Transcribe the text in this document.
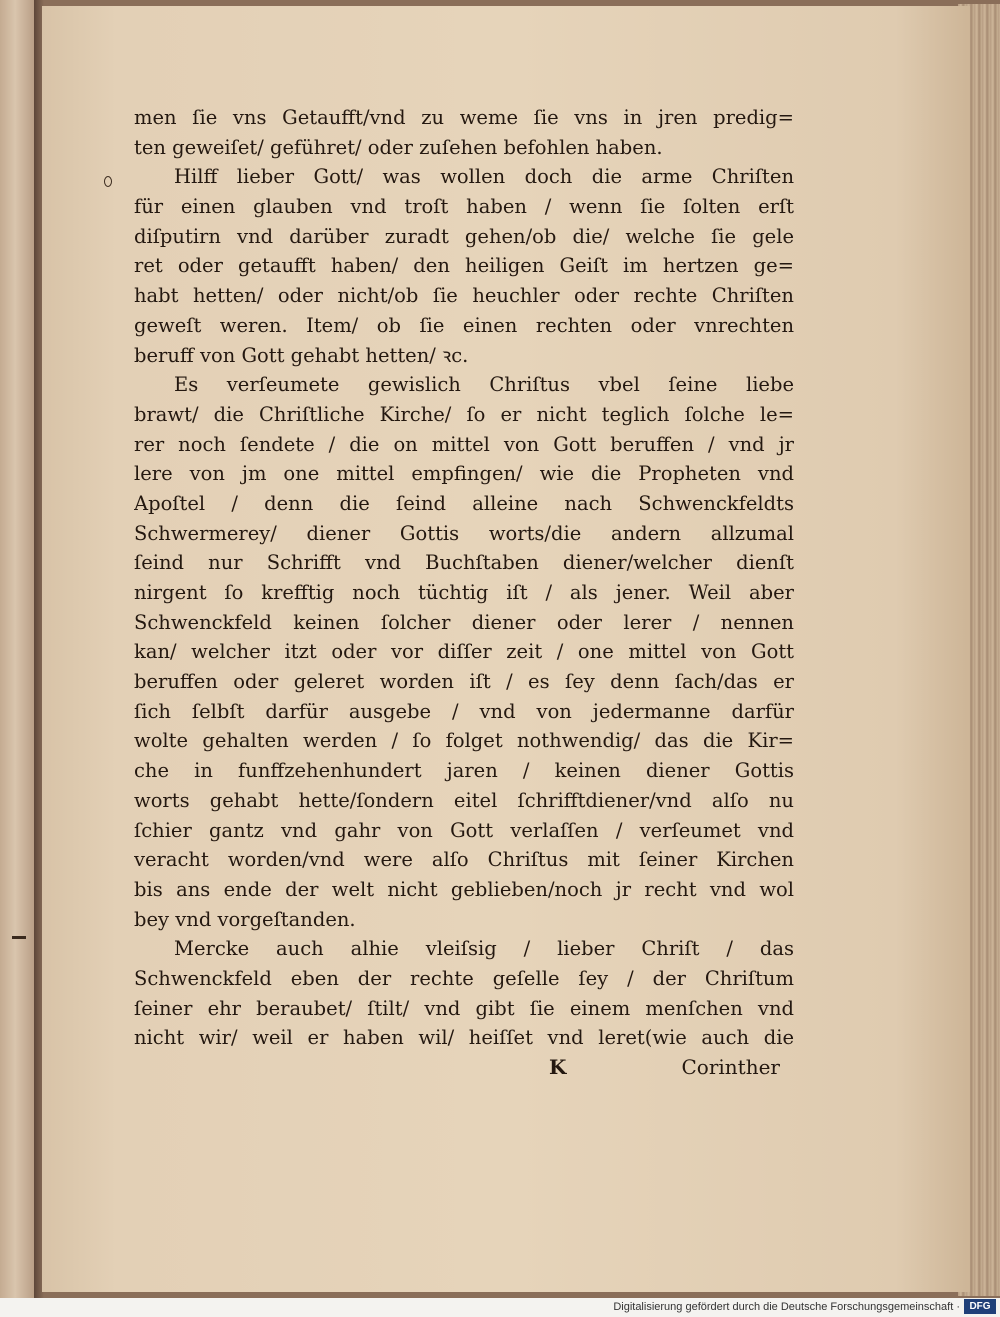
men ſie vns Getaufft/vnd zu weme ſie vns in jren predig=
ten geweiſet/ geführet/ oder zuſehen befohlen haben.
Hilff lieber Gott/ was wollen doch die arme Chriſten
für einen glauben vnd troſt haben / wenn ſie ſolten erſt
diſputirn vnd darüber zuradt gehen/ob die/ welche ſie gele
ret oder getaufft haben/ den heiligen Geiſt im hertzen ge=
habt hetten/ oder nicht/ob ſie heuchler oder rechte Chriſten
geweſt weren. Item/ ob ſie einen rechten oder vnrechten
beruff von Gott gehabt hetten/ ꝛc.
Es verſeumete gewislich Chriſtus vbel ſeine liebe
brawt/ die Chriſtliche Kirche/ ſo er nicht teglich ſolche le=
rer noch ſendete / die on mittel von Gott beruffen / vnd jr
lere von jm one mittel empfingen/ wie die Propheten vnd
Apoſtel / denn die ſeind alleine nach Schwenckfeldts
Schwermerey/ diener Gottis worts/die andern allzumal
ſeind nur Schrifft vnd Buchſtaben diener/welcher dienſt
nirgent ſo krefftig noch tüchtig iſt / als jener. Weil aber
Schwenckfeld keinen ſolcher diener oder lerer / nennen
kan/ welcher itzt oder vor diſſer zeit / one mittel von Gott
beruffen oder geleret worden iſt / es ſey denn ſach/das er
ſich ſelbſt darfür ausgebe / vnd von jedermanne darfür
wolte gehalten werden / ſo folget nothwendig/ das die Kir=
che in funffzehenhundert jaren / keinen diener Gottis
worts gehabt hette/ſondern eitel ſchrifftdiener/vnd alſo nu
ſchier gantz vnd gahr von Gott verlaſſen / verſeumet vnd
veracht worden/vnd were alſo Chriſtus mit ſeiner Kirchen
bis ans ende der welt nicht geblieben/noch jr recht vnd wol
bey vnd vorgeſtanden.
Mercke auch alhie vleiſsig / lieber Chriſt / das
Schwenckfeld eben der rechte geſelle ſey / der Chriſtum
ſeiner ehr beraubet/ ſtilt/ vnd gibt ſie einem menſchen vnd
nicht wir/ weil er haben wil/ heiſſet vnd leret(wie auch die
K	Corinther
Digitalisierung gefördert durch die Deutsche Forschungsgemeinschaft · DFG
